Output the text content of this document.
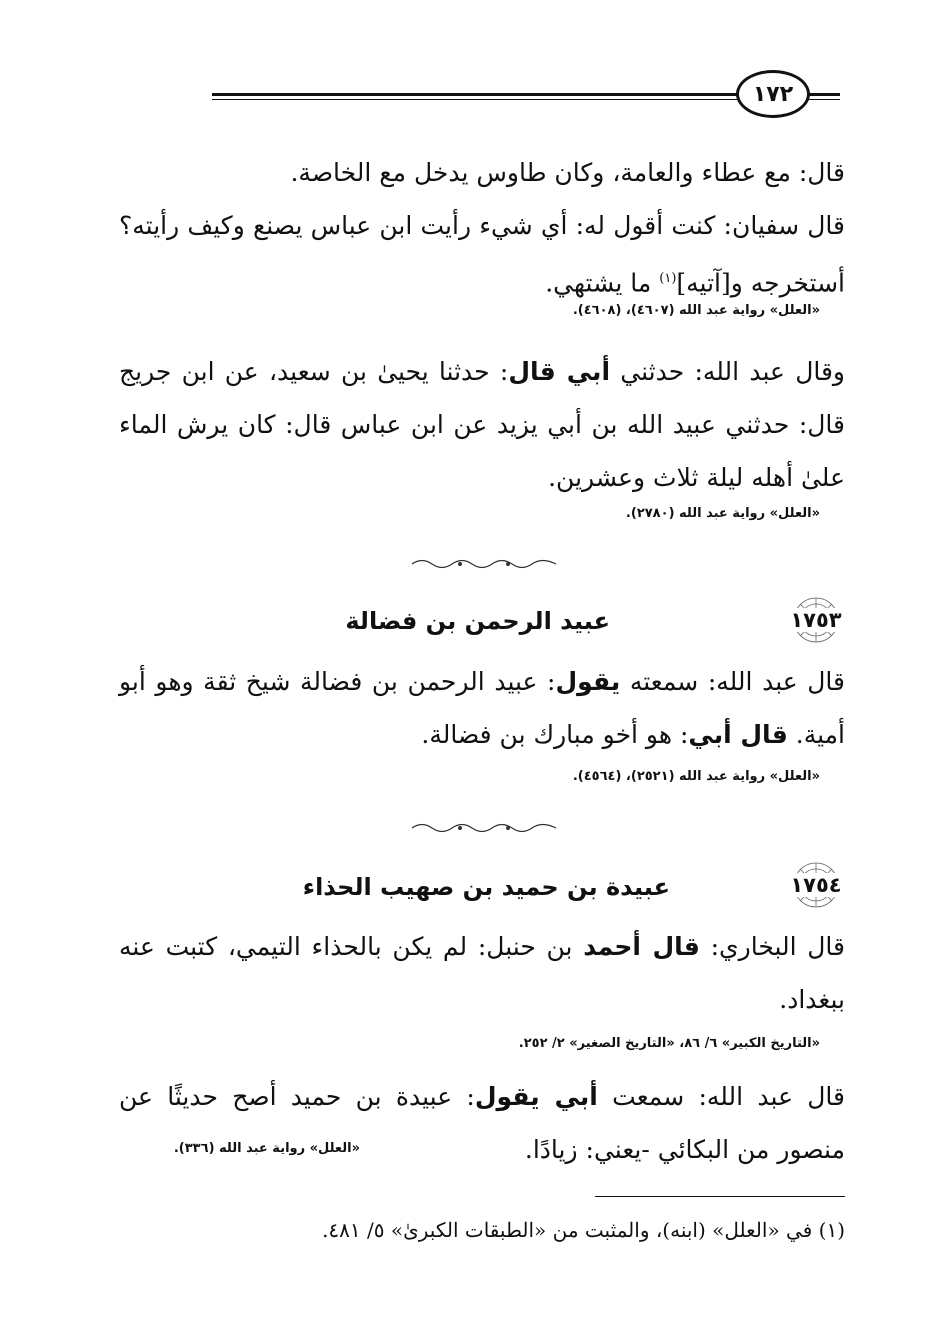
١٧٢
قال: مع عطاء والعامة، وكان طاوس يدخل مع الخاصة.
قال سفيان: كنت أقول له: أي شيء رأيت ابن عباس يصنع وكيف رأيته؟ أستخرجه و[آتيه]$^{(١)}$ ما يشتهي.
«العلل» رواية عبد الله (٤٦٠٧)، (٤٦٠٨).
وقال عبد الله: حدثني أبي قال: حدثنا يحيىٰ بن سعيد، عن ابن جريج قال: حدثني عبيد الله بن أبي يزيد عن ابن عباس قال: كان يرش الماء علىٰ أهله ليلة ثلاث وعشرين.
«العلل» رواية عبد الله (٢٧٨٠).
١٧٥٣
عبيد الرحمن بن فضالة
قال عبد الله: سمعته يقول: عبيد الرحمن بن فضالة شيخ ثقة وهو أبو أمية. قال أبي: هو أخو مبارك بن فضالة.
«العلل» رواية عبد الله (٢٥٢١)، (٤٥٦٤).
١٧٥٤
عبيدة بن حميد بن صهيب الحذاء
قال البخاري: قال أحمد بن حنبل: لم يكن بالحذاء التيمي، كتبت عنه ببغداد.
«التاريخ الكبير» ٦/ ٨٦، «التاريخ الصغير» ٢/ ٢٥٢.
قال عبد الله: سمعت أبي يقول: عبيدة بن حميد أصح حديثًا عن منصور من البكائي -يعني: زيادًا.
«العلل» رواية عبد الله (٣٣٦).
(١) في «العلل» (ابنه)، والمثبت من «الطبقات الكبرىٰ» ٥/ ٤٨١.
